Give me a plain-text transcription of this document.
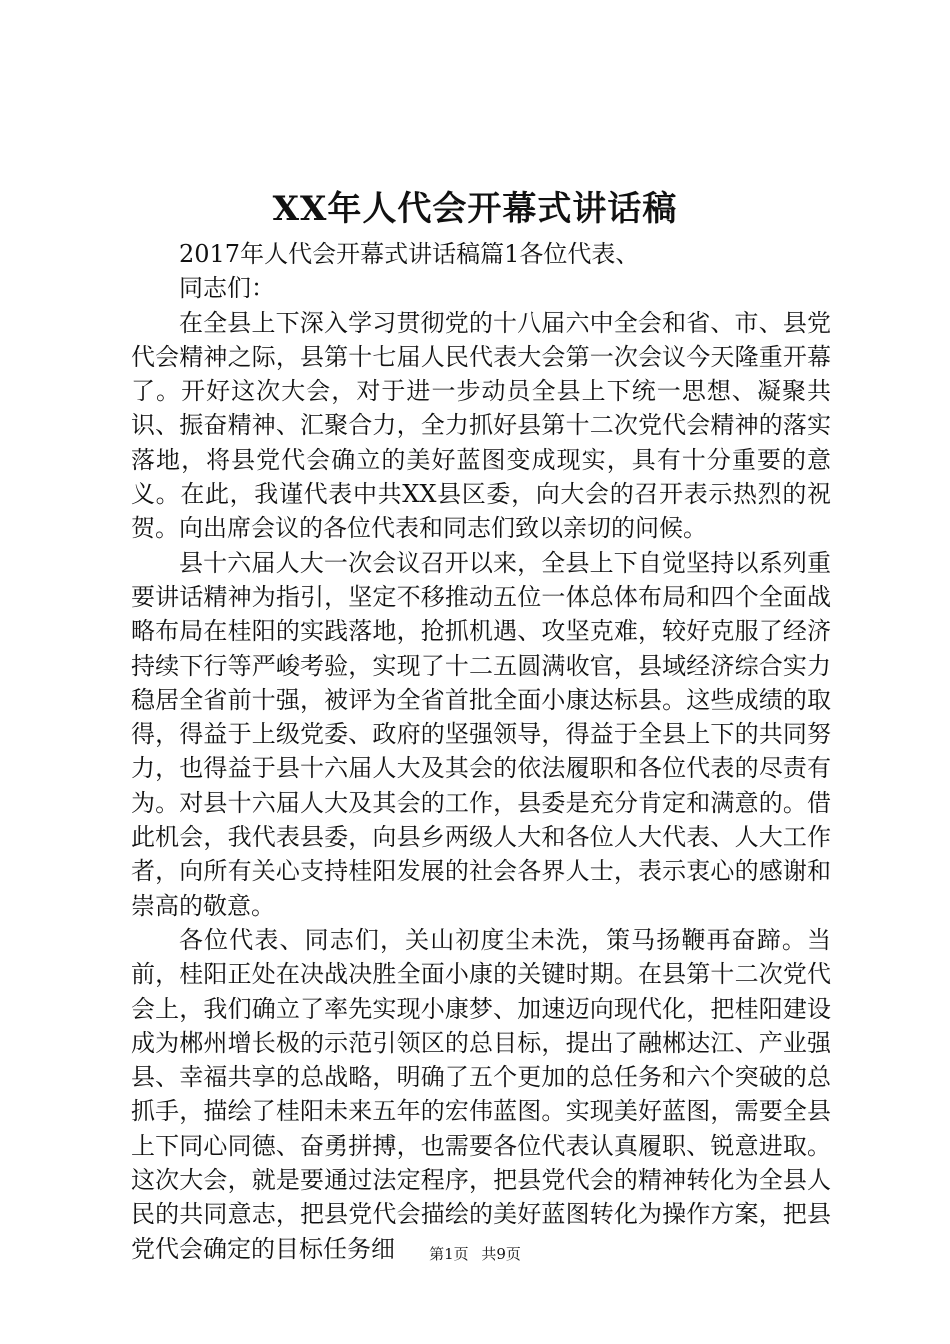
XX年人代会开幕式讲话稿

2017年人代会开幕式讲话稿篇1各位代表、

同志们：

在全县上下深入学习贯彻党的十八届六中全会和省、市、县党代会精神之际，县第十七届人民代表大会第一次会议今天隆重开幕了。开好这次大会，对于进一步动员全县上下统一思想、凝聚共识、振奋精神、汇聚合力，全力抓好县第十二次党代会精神的落实落地，将县党代会确立的美好蓝图变成现实，具有十分重要的意义。在此，我谨代表中共XX县区委，向大会的召开表示热烈的祝贺。向出席会议的各位代表和同志们致以亲切的问候。

县十六届人大一次会议召开以来，全县上下自觉坚持以系列重要讲话精神为指引，坚定不移推动五位一体总体布局和四个全面战略布局在桂阳的实践落地，抢抓机遇、攻坚克难，较好克服了经济持续下行等严峻考验，实现了十二五圆满收官，县域经济综合实力稳居全省前十强，被评为全省首批全面小康达标县。这些成绩的取得，得益于上级党委、政府的坚强领导，得益于全县上下的共同努力，也得益于县十六届人大及其会的依法履职和各位代表的尽责有为。对县十六届人大及其会的工作，县委是充分肯定和满意的。借此机会，我代表县委，向县乡两级人大和各位人大代表、人大工作者，向所有关心支持桂阳发展的社会各界人士，表示衷心的感谢和崇高的敬意。

各位代表、同志们，关山初度尘未洗，策马扬鞭再奋蹄。当前，桂阳正处在决战决胜全面小康的关键时期。在县第十二次党代会上，我们确立了率先实现小康梦、加速迈向现代化，把桂阳建设成为郴州增长极的示范引领区的总目标，提出了融郴达江、产业强县、幸福共享的总战略，明确了五个更加的总任务和六个突破的总抓手，描绘了桂阳未来五年的宏伟蓝图。实现美好蓝图，需要全县上下同心同德、奋勇拼搏，也需要各位代表认真履职、锐意进取。这次大会，就是要通过法定程序，把县党代会的精神转化为全县人民的共同意志，把县党代会描绘的美好蓝图转化为操作方案，把县党代会确定的目标任务细	第1页 共9页
